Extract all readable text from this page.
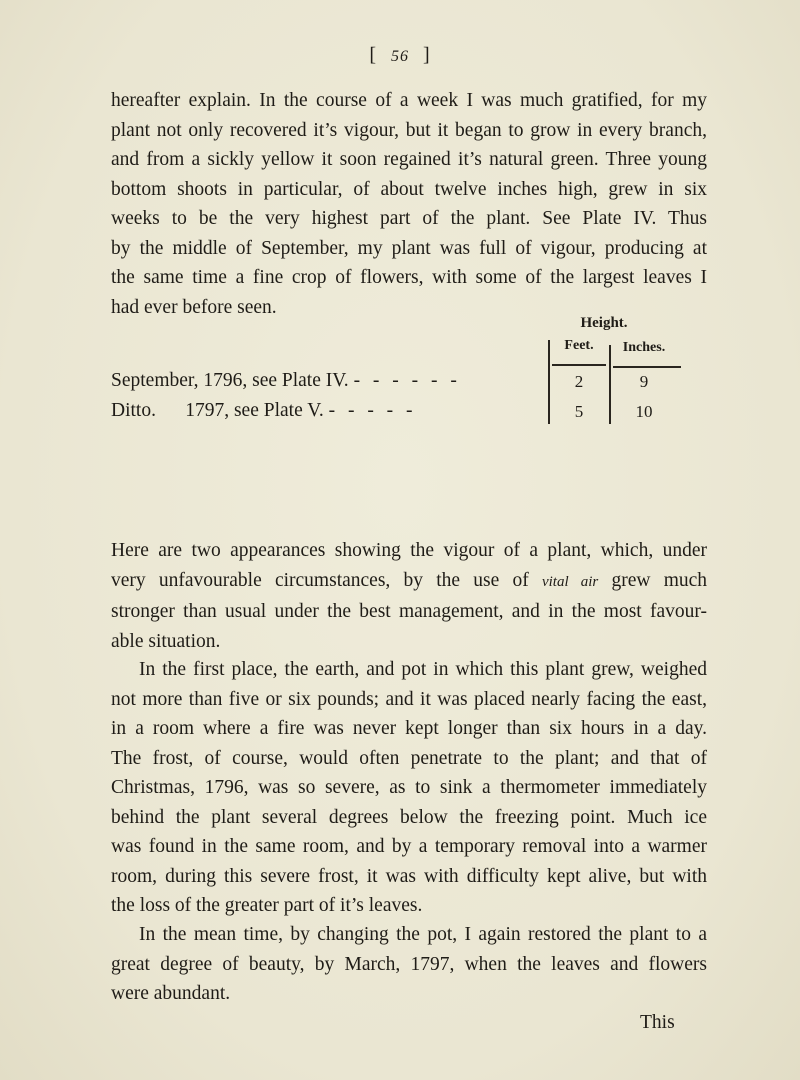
[ 56 ]
hereafter explain. In the course of a week I was much gratified, for my
plant not only recovered it’s vigour, but it began to grow in every branch,
and from a sickly yellow it soon regained it’s natural green. Three young
bottom shoots in particular, of about twelve inches high, grew in six
weeks to be the very highest part of the plant. See Plate IV. Thus
by the middle of September, my plant was full of vigour, producing at
the same time a fine crop of flowers, with some of the largest leaves I
had ever before seen.
Height.
Feet.	Inches.
September, 1796, see Plate IV. - - - - - -	2	9
Ditto.      1797, see Plate V. - - - - -	5	10
Here are two appearances showing the vigour of a plant, which, under
very unfavourable circumstances, by the use of vital air grew much
stronger than usual under the best management, and in the most favour-
able situation.
In the first place, the earth, and pot in which this plant grew, weighed
not more than five or six pounds; and it was placed nearly facing the east,
in a room where a fire was never kept longer than six hours in a day.
The frost, of course, would often penetrate to the plant; and that of
Christmas, 1796, was so severe, as to sink a thermometer immediately
behind the plant several degrees below the freezing point. Much ice
was found in the same room, and by a temporary removal into a warmer
room, during this severe frost, it was with difficulty kept alive, but with
the loss of the greater part of it’s leaves.
In the mean time, by changing the pot, I again restored the plant to a
great degree of beauty, by March, 1797, when the leaves and flowers
were abundant.
This
